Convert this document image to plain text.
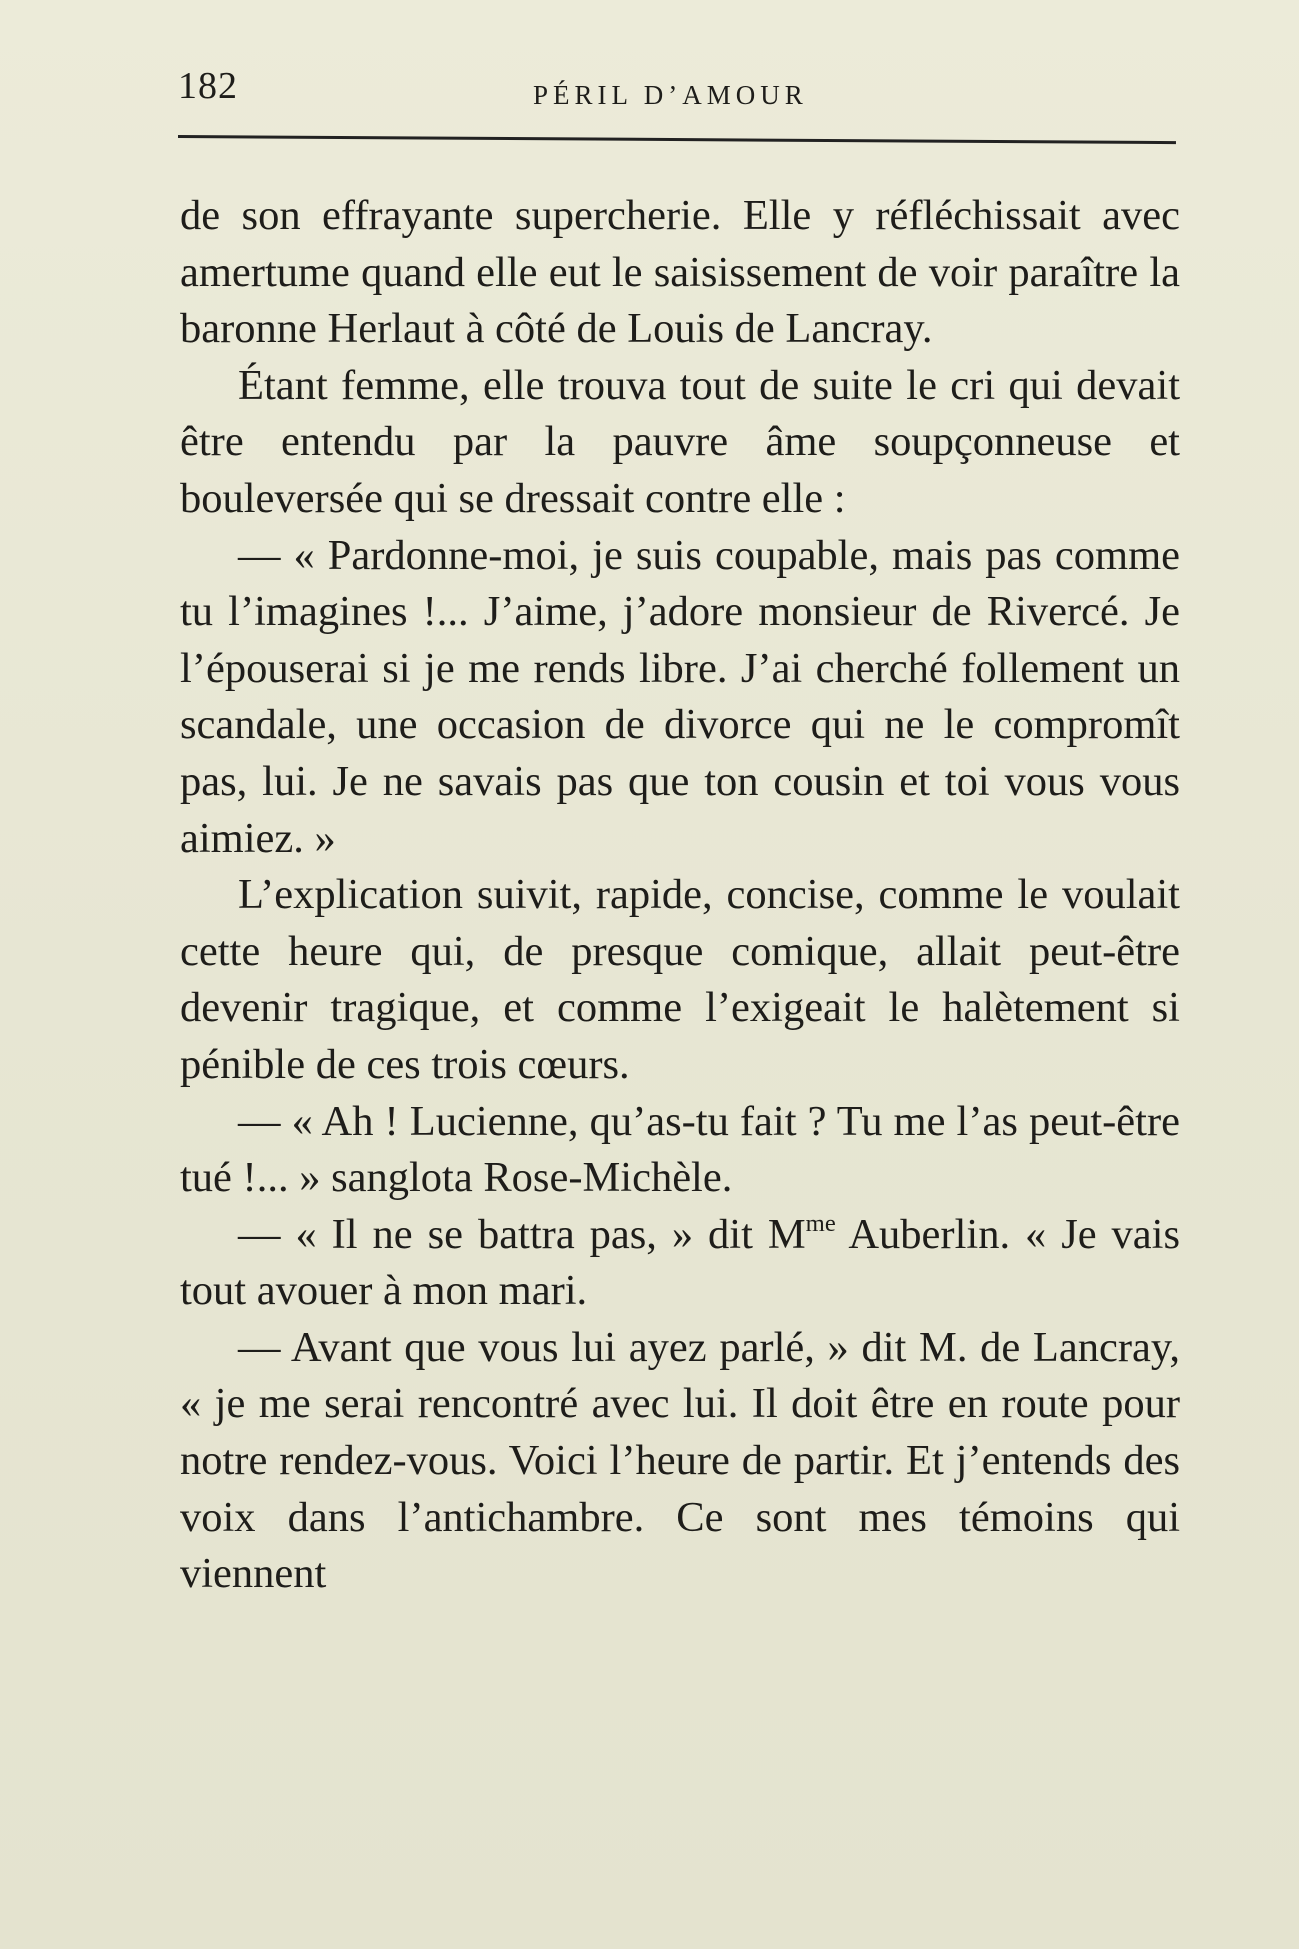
182	PÉRIL D’AMOUR

de son effrayante supercherie. Elle y réfléchissait avec amertume quand elle eut le saisissement de voir paraître la baronne Herlaut à côté de Louis de Lancray.

Étant femme, elle trouva tout de suite le cri qui devait être entendu par la pauvre âme soupçonneuse et bouleversée qui se dressait contre elle :

— « Pardonne-moi, je suis coupable, mais pas comme tu l’imagines !... J’aime, j’adore monsieur de Rivercé. Je l’épouserai si je me rends libre. J’ai cherché follement un scandale, une occasion de divorce qui ne le compromît pas, lui. Je ne savais pas que ton cousin et toi vous vous aimiez. »

L’explication suivit, rapide, concise, comme le voulait cette heure qui, de presque comique, allait peut-être devenir tragique, et comme l’exigeait le halètement si pénible de ces trois cœurs.

— « Ah ! Lucienne, qu’as-tu fait ? Tu me l’as peut-être tué !... » sanglota Rose-Michèle.

— « Il ne se battra pas, » dit $M^{me}$ Auberlin. « Je vais tout avouer à mon mari.

— Avant que vous lui ayez parlé, » dit M. de Lancray, « je me serai rencontré avec lui. Il doit être en route pour notre rendez-vous. Voici l’heure de partir. Et j’entends des voix dans l’antichambre. Ce sont mes témoins qui viennent
